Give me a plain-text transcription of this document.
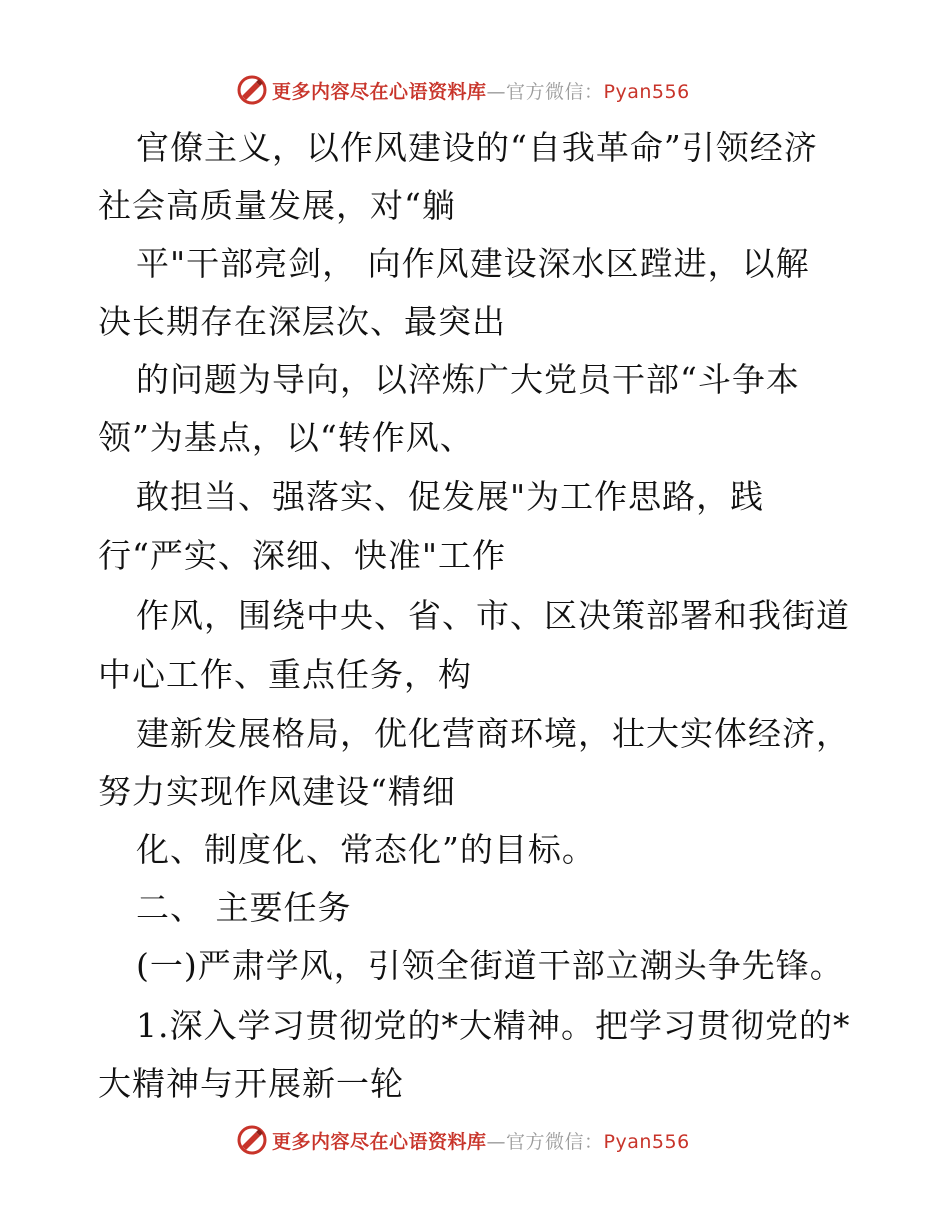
更多内容尽在心语资料库—官方微信：Pyan556
官僚主义，以作风建设的“自我革命”引领经济
社会高质量发展，对“躺
平"干部亮剑， 向作风建设深水区蹚进，以解
决长期存在深层次、最突出
的问题为导向，以淬炼广大党员干部“斗争本
领”为基点，以“转作风、
敢担当、强落实、促发展"为工作思路，践
行“严实、深细、快准"工作
作风，围绕中央、省、市、区决策部署和我街道
中心工作、重点任务，构
建新发展格局，优化营商环境，壮大实体经济，
努力实现作风建设“精细
化、制度化、常态化”的目标。
二、 主要任务
(一)严肃学风，引领全街道干部立潮头争先锋。
1.深入学习贯彻党的*大精神。把学习贯彻党的*
大精神与开展新一轮
更多内容尽在心语资料库—官方微信：Pyan556
